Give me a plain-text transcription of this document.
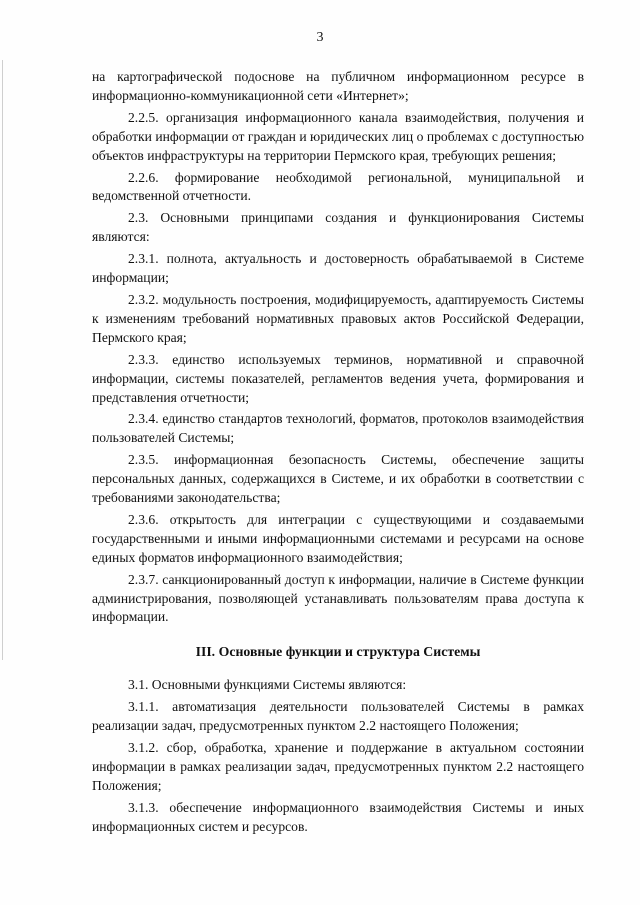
3

на картографической подоснове на публичном информационном ресурсе в информационно-коммуникационной сети «Интернет»;

2.2.5. организация информационного канала взаимодействия, получения и обработки информации от граждан и юридических лиц о проблемах с доступностью объектов инфраструктуры на территории Пермского края, требующих решения;

2.2.6. формирование необходимой региональной, муниципальной и ведомственной отчетности.

2.3. Основными принципами создания и функционирования Системы являются:

2.3.1. полнота, актуальность и достоверность обрабатываемой в Системе информации;

2.3.2. модульность построения, модифицируемость, адаптируемость Системы к изменениям требований нормативных правовых актов Российской Федерации, Пермского края;

2.3.3. единство используемых терминов, нормативной и справочной информации, системы показателей, регламентов ведения учета, формирования и представления отчетности;

2.3.4. единство стандартов технологий, форматов, протоколов взаимодействия пользователей Системы;

2.3.5. информационная безопасность Системы, обеспечение защиты персональных данных, содержащихся в Системе, и их обработки в соответствии с требованиями законодательства;

2.3.6. открытость для интеграции с существующими и создаваемыми государственными и иными информационными системами и ресурсами на основе единых форматов информационного взаимодействия;

2.3.7. санкционированный доступ к информации, наличие в Системе функции администрирования, позволяющей устанавливать пользователям права доступа к информации.

III. Основные функции и структура Системы

3.1. Основными функциями Системы являются:

3.1.1. автоматизация деятельности пользователей Системы в рамках реализации задач, предусмотренных пунктом 2.2 настоящего Положения;

3.1.2. сбор, обработка, хранение и поддержание в актуальном состоянии информации в рамках реализации задач, предусмотренных пунктом 2.2 настоящего Положения;

3.1.3. обеспечение информационного взаимодействия Системы и иных информационных систем и ресурсов.
